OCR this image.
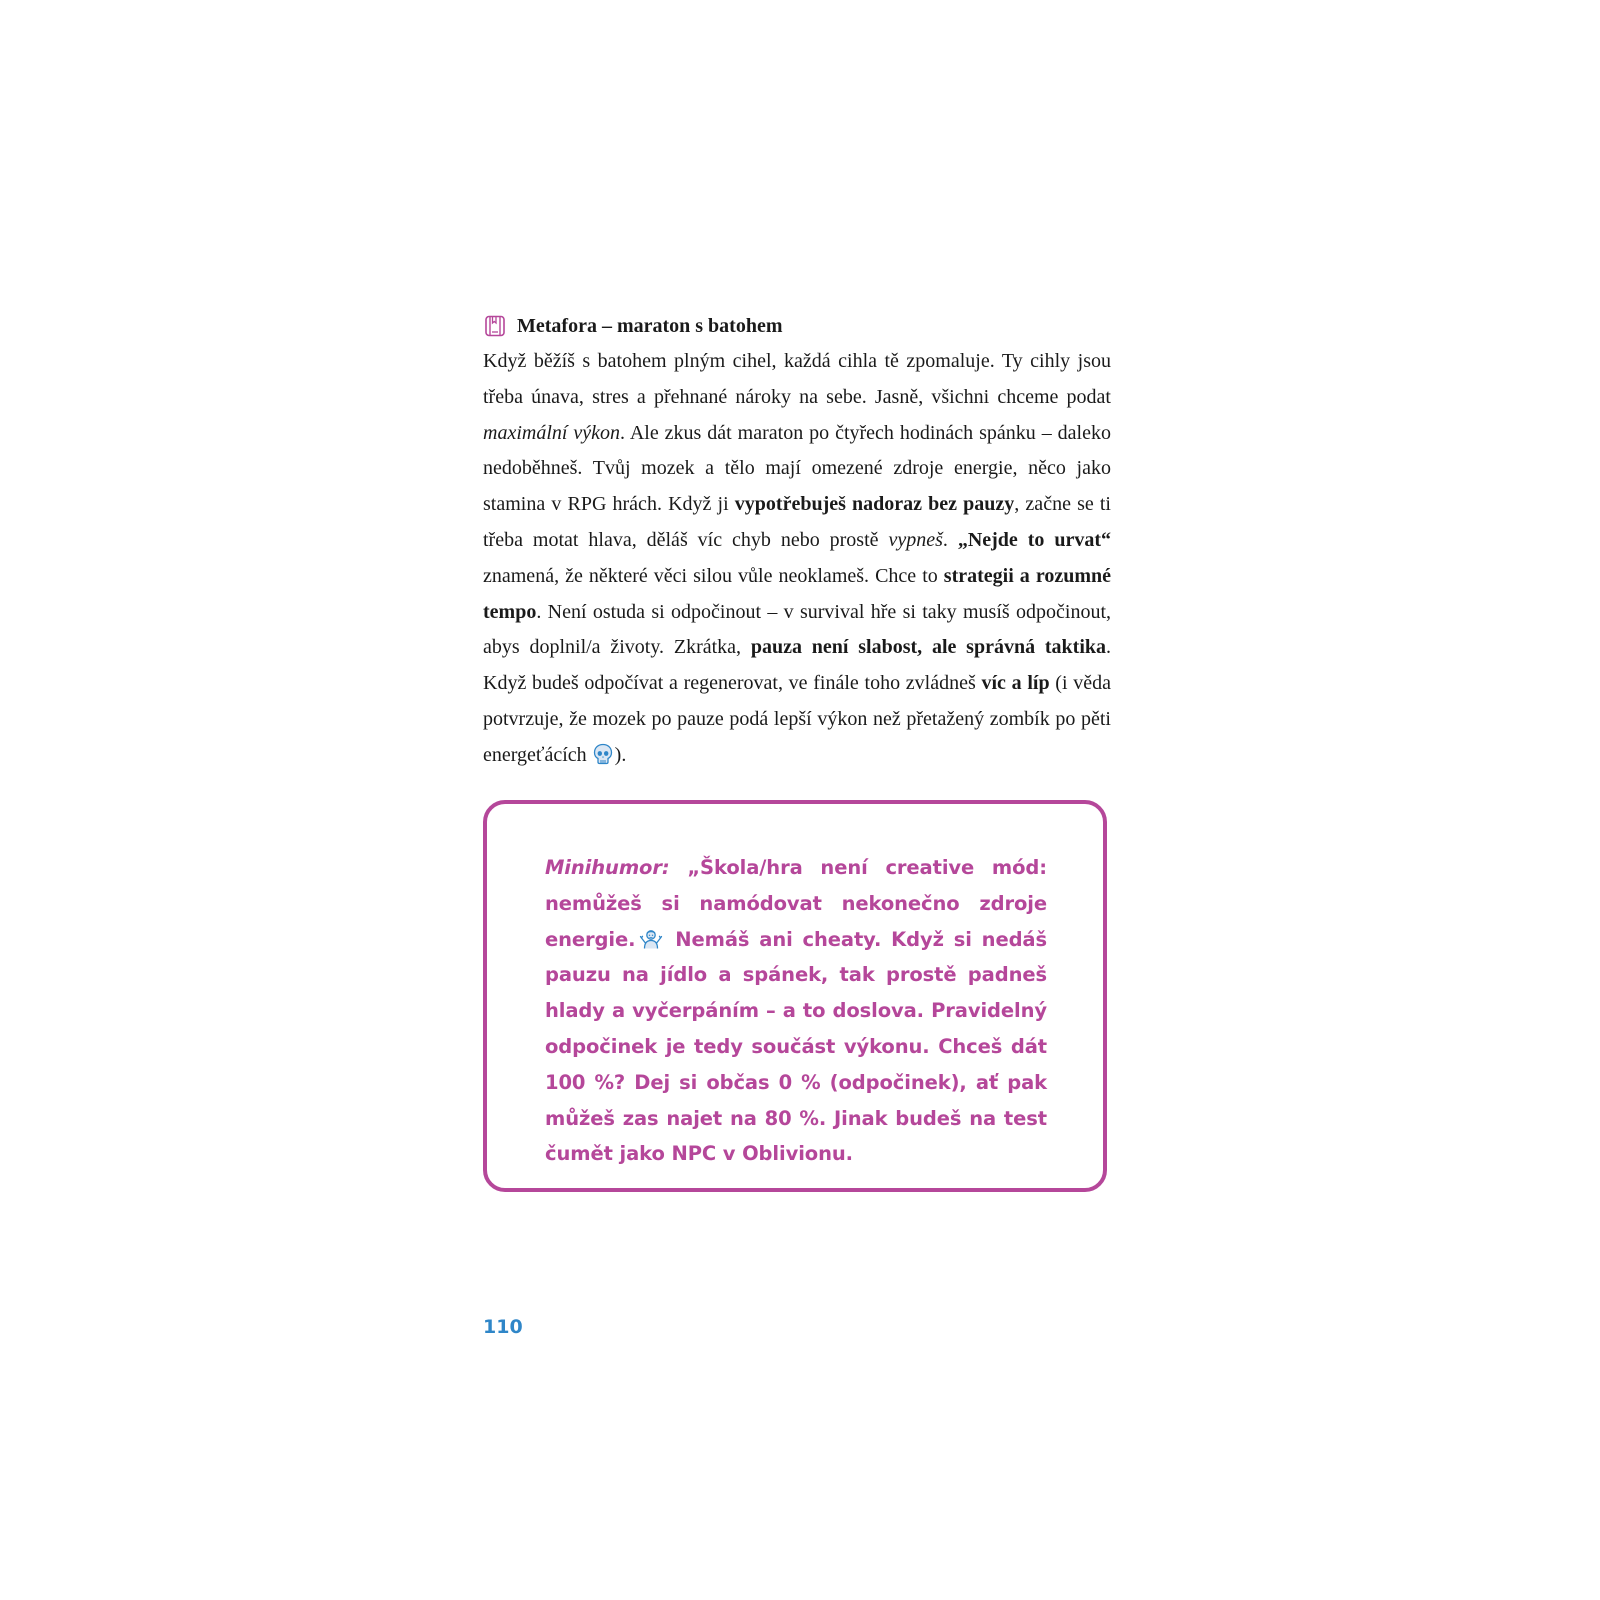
Metafora – maraton s batohem

Když běžíš s batohem plným cihel, každá cihla tě zpomaluje. Ty cihly jsou třeba únava, stres a přehnané nároky na sebe. Jasně, všichni chceme podat maximální výkon. Ale zkus dát maraton po čtyřech hodinách spánku – daleko nedoběhneš. Tvůj mozek a tělo mají omezené zdroje energie, něco jako stamina v RPG hrách. Když ji vypotřebuješ nadoraz bez pauzy, začne se ti třeba motat hlava, děláš víc chyb nebo prostě vypneš. „Nejde to urvat“ znamená, že některé věci silou vůle neoklameš. Chce to strategii a rozumné tempo. Není ostuda si odpočinout – v survival hře si taky musíš odpočinout, abys doplnil/a životy. Zkrátka, pauza není slabost, ale správná taktika. Když budeš odpočívat a regenerovat, ve finále toho zvládneš víc a líp (i věda potvrzuje, že mozek po pauze podá lepší výkon než přetažený zombík po pěti energeťácích ).

Minihumor: „Škola/hra není creative mód: nemůžeš si namódovat nekonečno zdroje energie. Nemáš ani cheaty. Když si nedáš pauzu na jídlo a spánek, tak prostě padneš hlady a vyčerpáním – a to doslova. Pravidelný odpočinek je tedy součást výkonu. Chceš dát 100 %? Dej si občas 0 % (odpočinek), ať pak můžeš zas najet na 80 %. Jinak budeš na test čumět jako NPC v Oblivionu.

110
